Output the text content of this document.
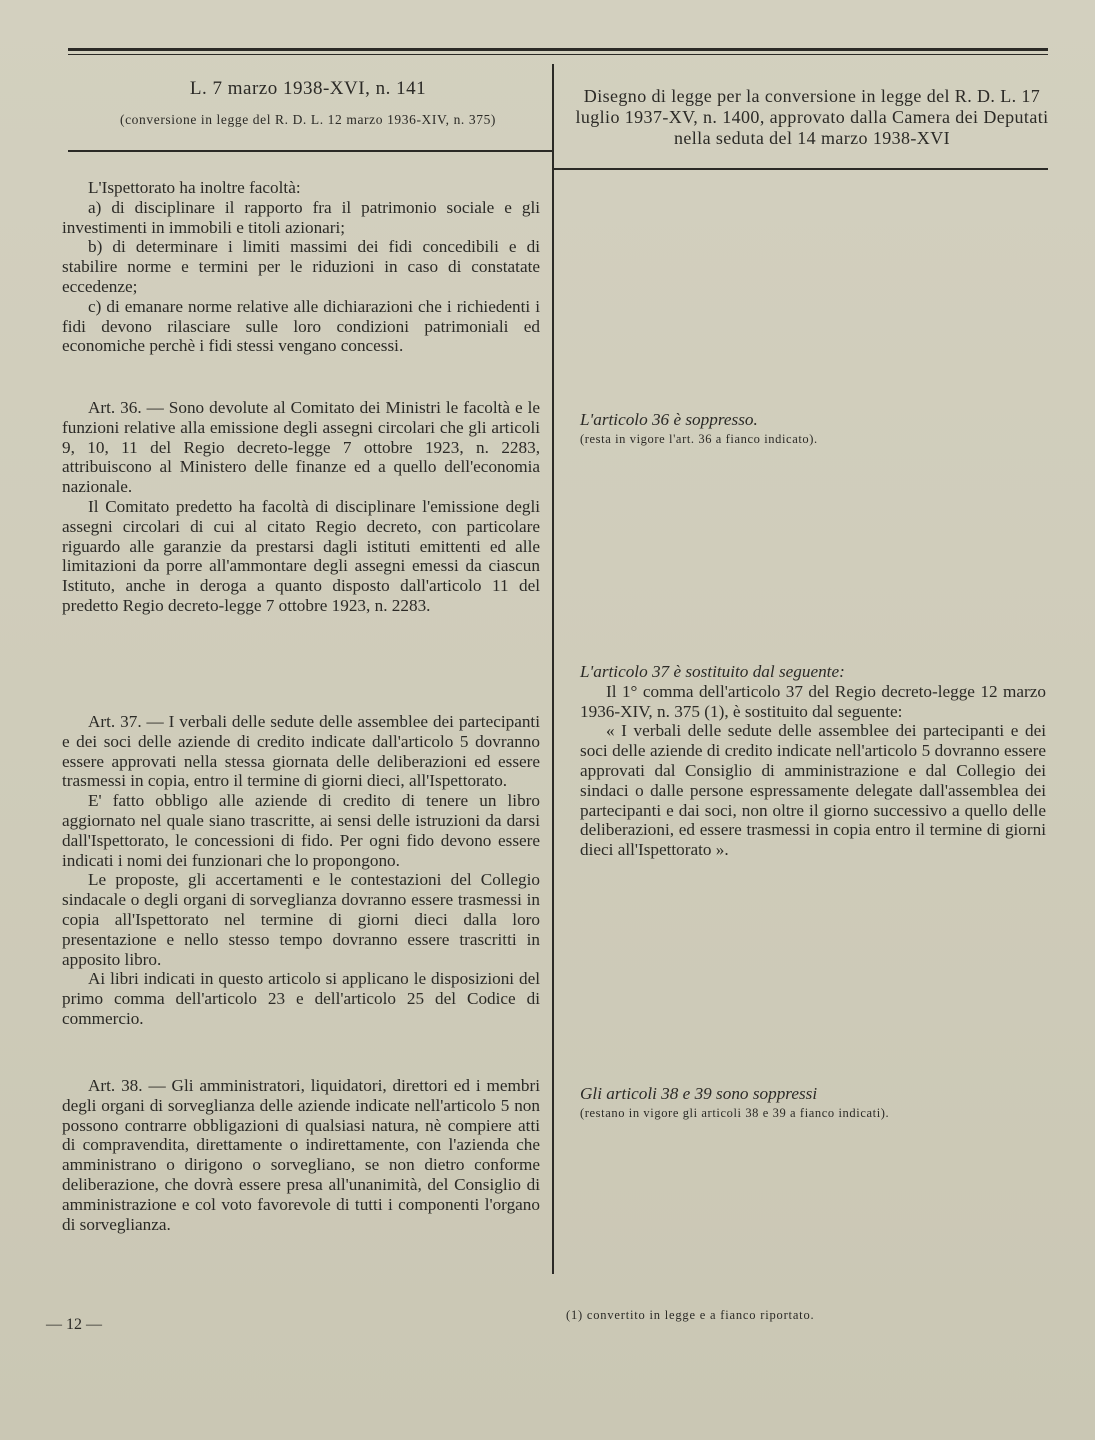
L. 7 marzo 1938-XVI, n. 141
(conversione in legge del R. D. L. 12 marzo 1936-XIV, n. 375)
Disegno di legge per la conversione in legge del R. D. L. 17 luglio 1937-XV, n. 1400, approvato dalla Camera dei Deputati nella seduta del 14 marzo 1938-XVI

L'Ispettorato ha inoltre facoltà:

a) di disciplinare il rapporto fra il patrimonio sociale e gli investimenti in immobili e titoli azionari;

b) di determinare i limiti massimi dei fidi concedibili e di stabilire norme e termini per le riduzioni in caso di constatate eccedenze;

c) di emanare norme relative alle dichiarazioni che i richiedenti i fidi devono rilasciare sulle loro condizioni patrimoniali ed economiche perchè i fidi stessi vengano concessi.

Art. 36. — Sono devolute al Comitato dei Ministri le facoltà e le funzioni relative alla emissione degli assegni circolari che gli articoli 9, 10, 11 del Regio decreto-legge 7 ottobre 1923, n. 2283, attribuiscono al Ministero delle finanze ed a quello dell'economia nazionale.

Il Comitato predetto ha facoltà di disciplinare l'emissione degli assegni circolari di cui al citato Regio decreto, con particolare riguardo alle garanzie da prestarsi dagli istituti emittenti ed alle limitazioni da porre all'ammontare degli assegni emessi da ciascun Istituto, anche in deroga a quanto disposto dall'articolo 11 del predetto Regio decreto-legge 7 ottobre 1923, n. 2283.

Art. 37. — I verbali delle sedute delle assemblee dei partecipanti e dei soci delle aziende di credito indicate dall'articolo 5 dovranno essere approvati nella stessa giornata delle deliberazioni ed essere trasmessi in copia, entro il termine di giorni dieci, all'Ispettorato.

E' fatto obbligo alle aziende di credito di tenere un libro aggiornato nel quale siano trascritte, ai sensi delle istruzioni da darsi dall'Ispettorato, le concessioni di fido. Per ogni fido devono essere indicati i nomi dei funzionari che lo propongono.

Le proposte, gli accertamenti e le contestazioni del Collegio sindacale o degli organi di sorveglianza dovranno essere trasmessi in copia all'Ispettorato nel termine di giorni dieci dalla loro presentazione e nello stesso tempo dovranno essere trascritti in apposito libro.

Ai libri indicati in questo articolo si applicano le disposizioni del primo comma dell'articolo 23 e dell'articolo 25 del Codice di commercio.

Art. 38. — Gli amministratori, liquidatori, direttori ed i membri degli organi di sorveglianza delle aziende indicate nell'articolo 5 non possono contrarre obbligazioni di qualsiasi natura, nè compiere atti di compravendita, direttamente o indirettamente, con l'azienda che amministrano o dirigono o sorvegliano, se non dietro conforme deliberazione, che dovrà essere presa all'unanimità, del Consiglio di amministrazione e col voto favorevole di tutti i componenti l'organo di sorveglianza.

L'articolo 36 è soppresso.

(resta in vigore l'art. 36 a fianco indicato).

L'articolo 37 è sostituito dal seguente:

Il 1° comma dell'articolo 37 del Regio decreto-legge 12 marzo 1936-XIV, n. 375 (1), è sostituito dal seguente:

« I verbali delle sedute delle assemblee dei partecipanti e dei soci delle aziende di credito indicate nell'articolo 5 dovranno essere approvati dal Consiglio di amministrazione e dal Collegio dei sindaci o dalle persone espressamente delegate dall'assemblea dei partecipanti e dai soci, non oltre il giorno successivo a quello delle deliberazioni, ed essere trasmessi in copia entro il termine di giorni dieci all'Ispettorato ».

Gli articoli 38 e 39 sono soppressi

(restano in vigore gli articoli 38 e 39 a fianco indicati).

— 12 —
(1) convertito in legge e a fianco riportato.
